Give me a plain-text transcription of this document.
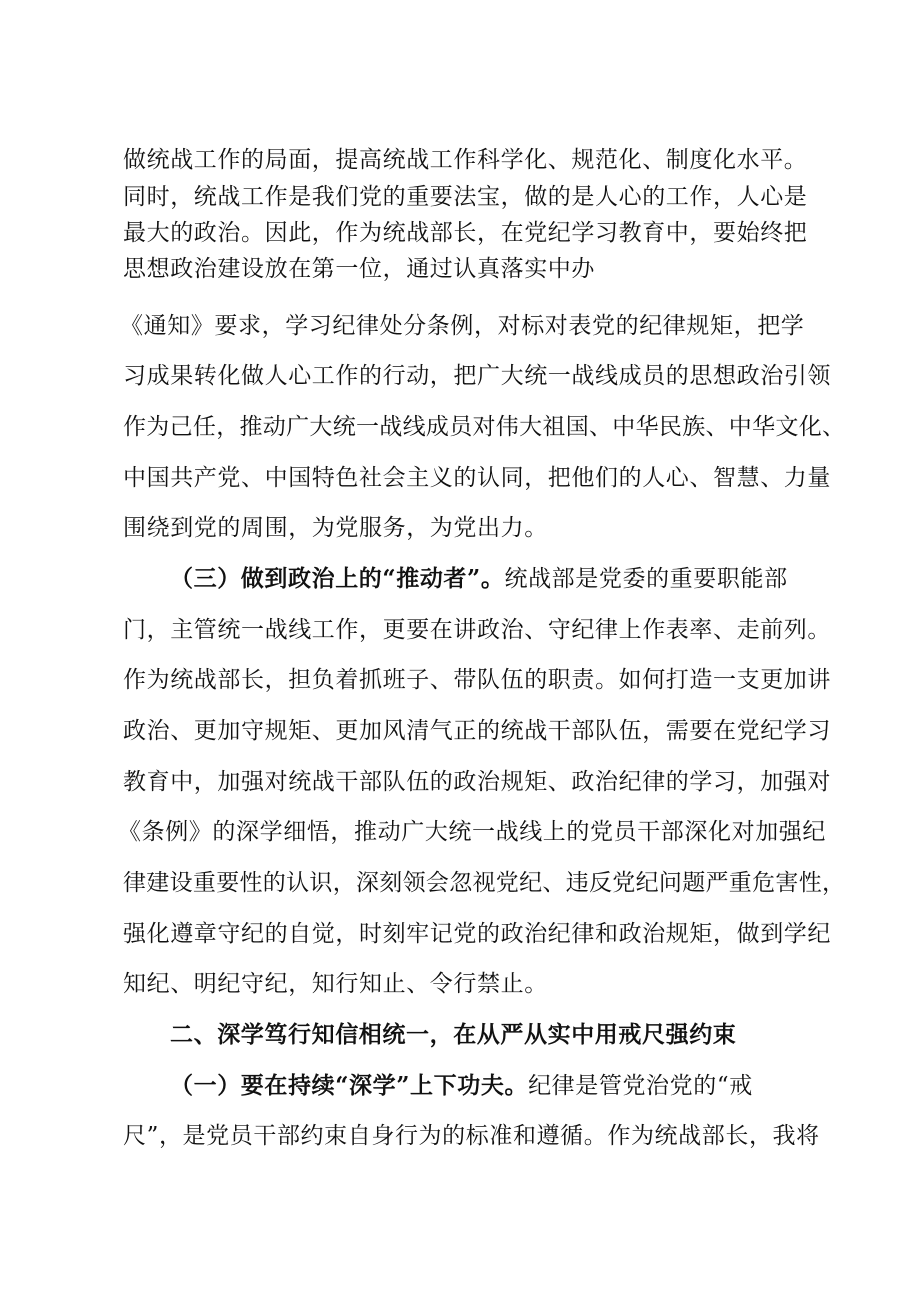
做统战工作的局面，提高统战工作科学化、规范化、制度化水平。
同时，统战工作是我们党的重要法宝，做的是人心的工作，人心是
最大的政治。因此，作为统战部长，在党纪学习教育中，要始终把
思想政治建设放在第一位，通过认真落实中办
《通知》要求，学习纪律处分条例，对标对表党的纪律规矩，把学
习成果转化做人心工作的行动，把广大统一战线成员的思想政治引领
作为己任，推动广大统一战线成员对伟大祖国、中华民族、中华文化、
中国共产党、中国特色社会主义的认同，把他们的人心、智慧、力量
围绕到党的周围，为党服务，为党出力。
（三）做到政治上的“推动者”。统战部是党委的重要职能部
门，主管统一战线工作，更要在讲政治、守纪律上作表率、走前列。
作为统战部长，担负着抓班子、带队伍的职责。如何打造一支更加讲
政治、更加守规矩、更加风清气正的统战干部队伍，需要在党纪学习
教育中，加强对统战干部队伍的政治规矩、政治纪律的学习，加强对
《条例》的深学细悟，推动广大统一战线上的党员干部深化对加强纪
律建设重要性的认识，深刻领会忽视党纪、违反党纪问题严重危害性，
强化遵章守纪的自觉，时刻牢记党的政治纪律和政治规矩，做到学纪
知纪、明纪守纪，知行知止、令行禁止。
二、深学笃行知信相统一，在从严从实中用戒尺强约束
（一）要在持续“深学”上下功夫。纪律是管党治党的“戒
尺”，是党员干部约束自身行为的标准和遵循。作为统战部长，我将
